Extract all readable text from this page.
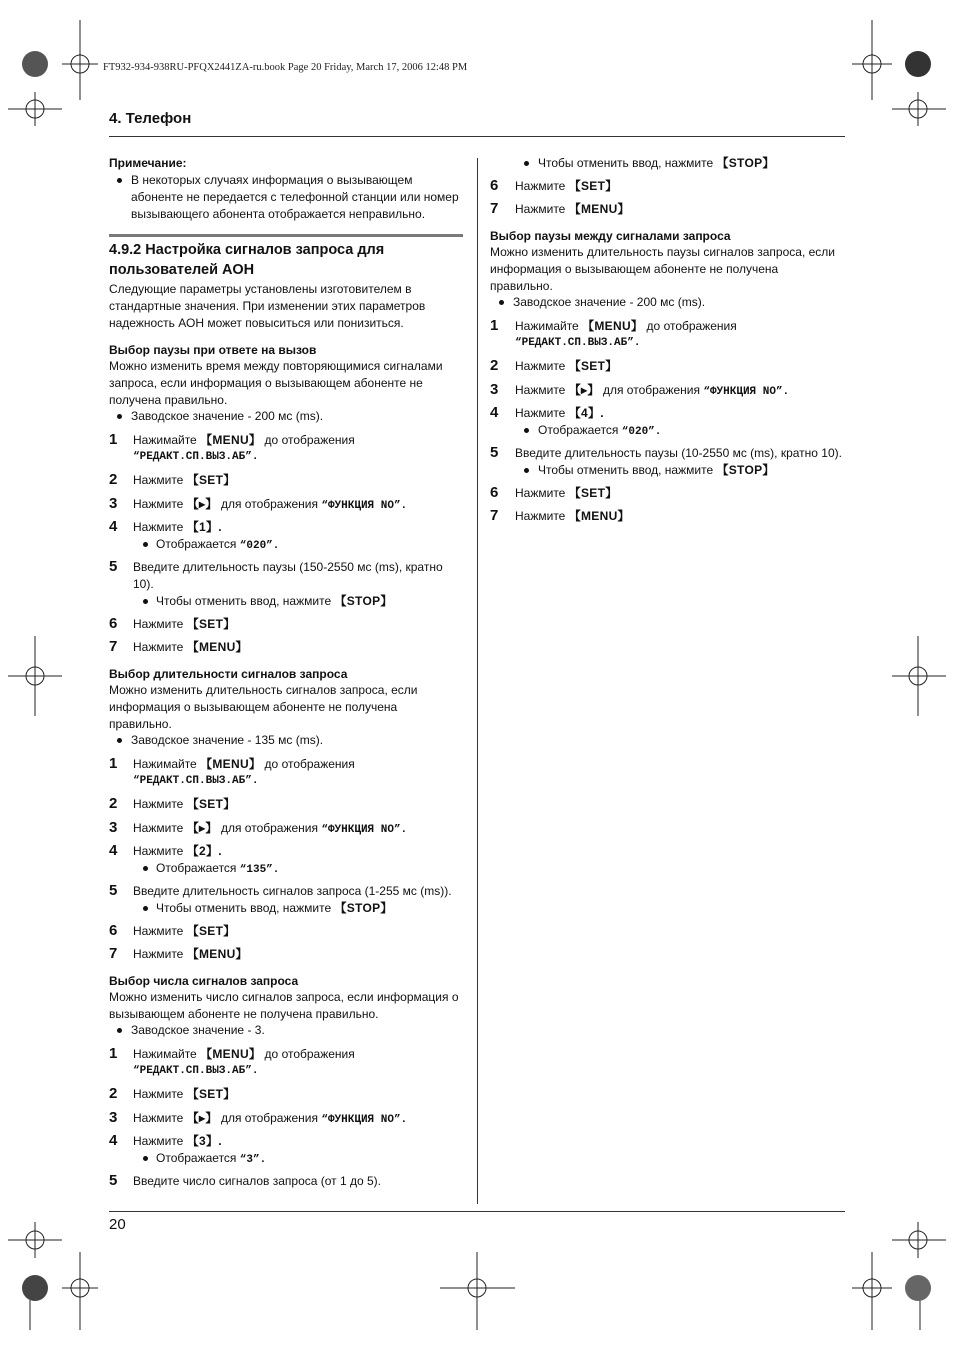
FT932-934-938RU-PFQX2441ZA-ru.book Page 20 Friday, March 17, 2006 12:48 PM
4. Телефон
20
Примечание:
В некоторых случаях информация о вызывающем
абоненте не передается с телефонной станции или номер
вызывающего абонента отображается неправильно.
4.9.2 Настройка сигналов запроса для
пользователей АОН
Следующие параметры установлены изготовителем в
стандартные значения. При изменении этих параметров
надежность АОН может повыситься или понизиться.
Выбор паузы при ответе на вызов
Можно изменить время между повторяющимися сигналами
запроса, если информация о вызывающем абоненте не
получена правильно.
Заводское значение - 200 мс (ms).
1 Нажимайте 【MENU】 до отображения
“РЕДАКТ.СП.ВЫЗ.АБ”.
2 Нажмите 【SET】
3 Нажмите 【▸】 для отображения “ФУНКЦИЯ NO”.
4 Нажмите 【1】.
Отображается “020”.
5 Введите длительность паузы (150-2550 мс (ms), кратно
10).
Чтобы отменить ввод, нажмите 【STOP】
6 Нажмите 【SET】
7 Нажмите 【MENU】
Выбор длительности сигналов запроса
Можно изменить длительность сигналов запроса, если
информация о вызывающем абоненте не получена
правильно.
Заводское значение - 135 мс (ms).
1 Нажимайте 【MENU】 до отображения
“РЕДАКТ.СП.ВЫЗ.АБ”.
2 Нажмите 【SET】
3 Нажмите 【▸】 для отображения “ФУНКЦИЯ NO”.
4 Нажмите 【2】.
Отображается “135”.
5 Введите длительность сигналов запроса (1-255 мс (ms)).
Чтобы отменить ввод, нажмите 【STOP】
6 Нажмите 【SET】
7 Нажмите 【MENU】
Выбор числа сигналов запроса
Можно изменить число сигналов запроса, если информация о
вызывающем абоненте не получена правильно.
Заводское значение - 3.
1 Нажимайте 【MENU】 до отображения
“РЕДАКТ.СП.ВЫЗ.АБ”.
2 Нажмите 【SET】
3 Нажмите 【▸】 для отображения “ФУНКЦИЯ NO”.
4 Нажмите 【3】.
Отображается “3”.
5 Введите число сигналов запроса (от 1 до 5).
Чтобы отменить ввод, нажмите 【STOP】
6 Нажмите 【SET】
7 Нажмите 【MENU】
Выбор паузы между сигналами запроса
Можно изменить длительность паузы сигналов запроса, если
информация о вызывающем абоненте не получена
правильно.
Заводское значение - 200 мс (ms).
1 Нажимайте 【MENU】 до отображения
“РЕДАКТ.СП.ВЫЗ.АБ”.
2 Нажмите 【SET】
3 Нажмите 【▸】 для отображения “ФУНКЦИЯ NO”.
4 Нажмите 【4】.
Отображается “020”.
5 Введите длительность паузы (10-2550 мс (ms), кратно 10).
Чтобы отменить ввод, нажмите 【STOP】
6 Нажмите 【SET】
7 Нажмите 【MENU】
